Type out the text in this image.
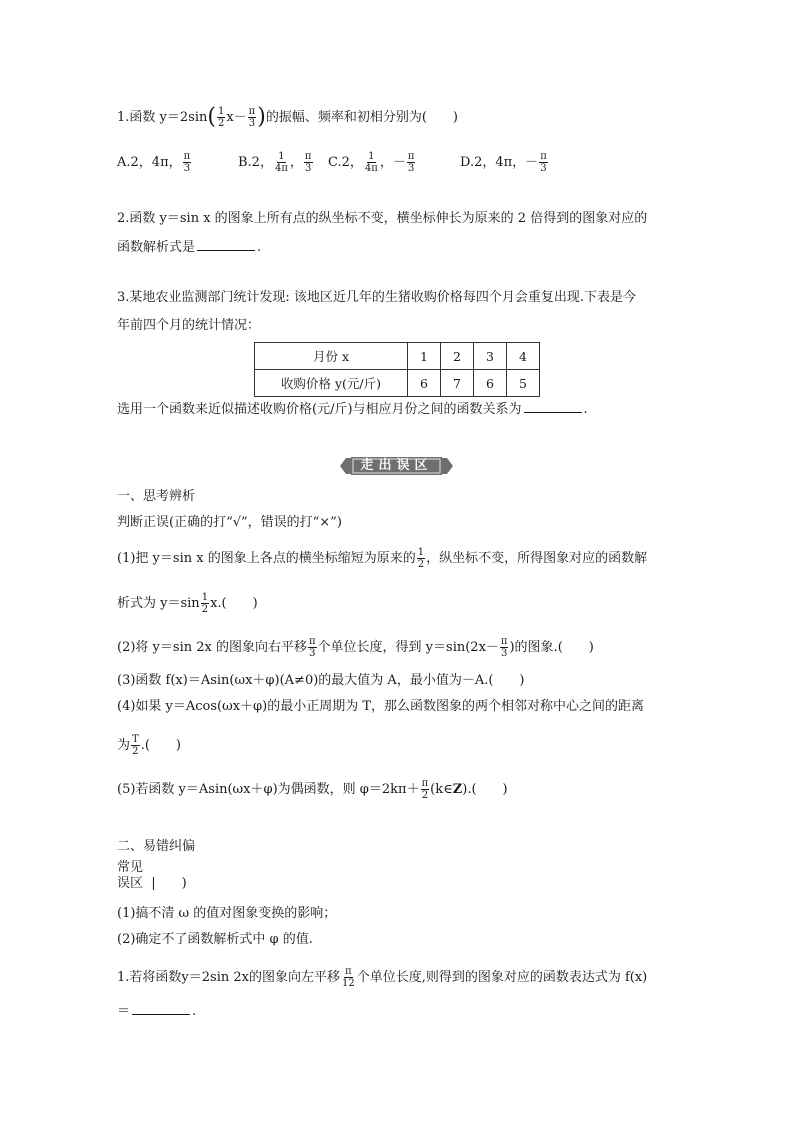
1.函数 $y=2\sin( \frac{1}{2} x- \frac{\pi}{3}$ )的振幅、频率和初相分别为(　　)
A.2，4π， $\frac{\pi}{3}$	B.2， $\frac{1}{4\pi}$ ， $\frac{\pi}{3} C.2$， $\frac{1}{4\pi}$ ，－ $\frac{\pi}{3}$	D.2，4π，－ $\frac{\pi}{3}$
2.函数 y＝sin x 的图象上所有点的纵坐标不变，横坐标伸长为原来的 2 倍得到的图象对应的
函数解析式是	.
3.某地农业监测部门统计发现: 该地区近几年的生猪收购价格每四个月会重复出现.下表是今
年前四个月的统计情况：
月份 x	1	2	3	4
收购价格 y(元/斤)	6	7	6	5
选用一个函数来近似描述收购价格(元/斤)与相应月份之间的函数关系为	.
走出误区
一、思考辨析
判断正误(正确的打“√”，错误的打“×”)
(1)把 y＝sin x 的图象上各点的横坐标缩短为原来的 $\frac{1}{2}$ ，纵坐标不变，所得图象对应的函数解
析式为 $y=\sin \frac{1}{2} x$.(　　)
(2)将 y＝sin 2x 的图象向右平移 $\frac{\pi}{3}$ 个单位长度，得到 $y=\sin(2x- \frac{\pi}{3}$ )的图象.(　　)
(3)函数 f(x)＝Asin(ωx＋φ)(A≠0)的最大值为 A，最小值为－A.(　　)
(4)如果 y＝Acos(ωx＋φ)的最小正周期为 T，那么函数图象的两个相邻对称中心之间的距离
为 $\frac{T}{2}$ .(　　)
(5)若函数 y＝Asin(ωx＋φ)为偶函数，则 $\varphi=2k\pi+ \frac{\pi}{2}$ (k∈Z).(　　)
二、易错纠偏
常见
误区 |　　)
(1)搞不清 ω 的值对图象变换的影响；
(2)确定不了函数解析式中 φ 的值.
1.若将函数y＝2sin 2x的图象向左平移 $\frac{\pi}{12}$ 个单位长度,则得到的图象对应的函数表达式为 f(x)
＝	.
